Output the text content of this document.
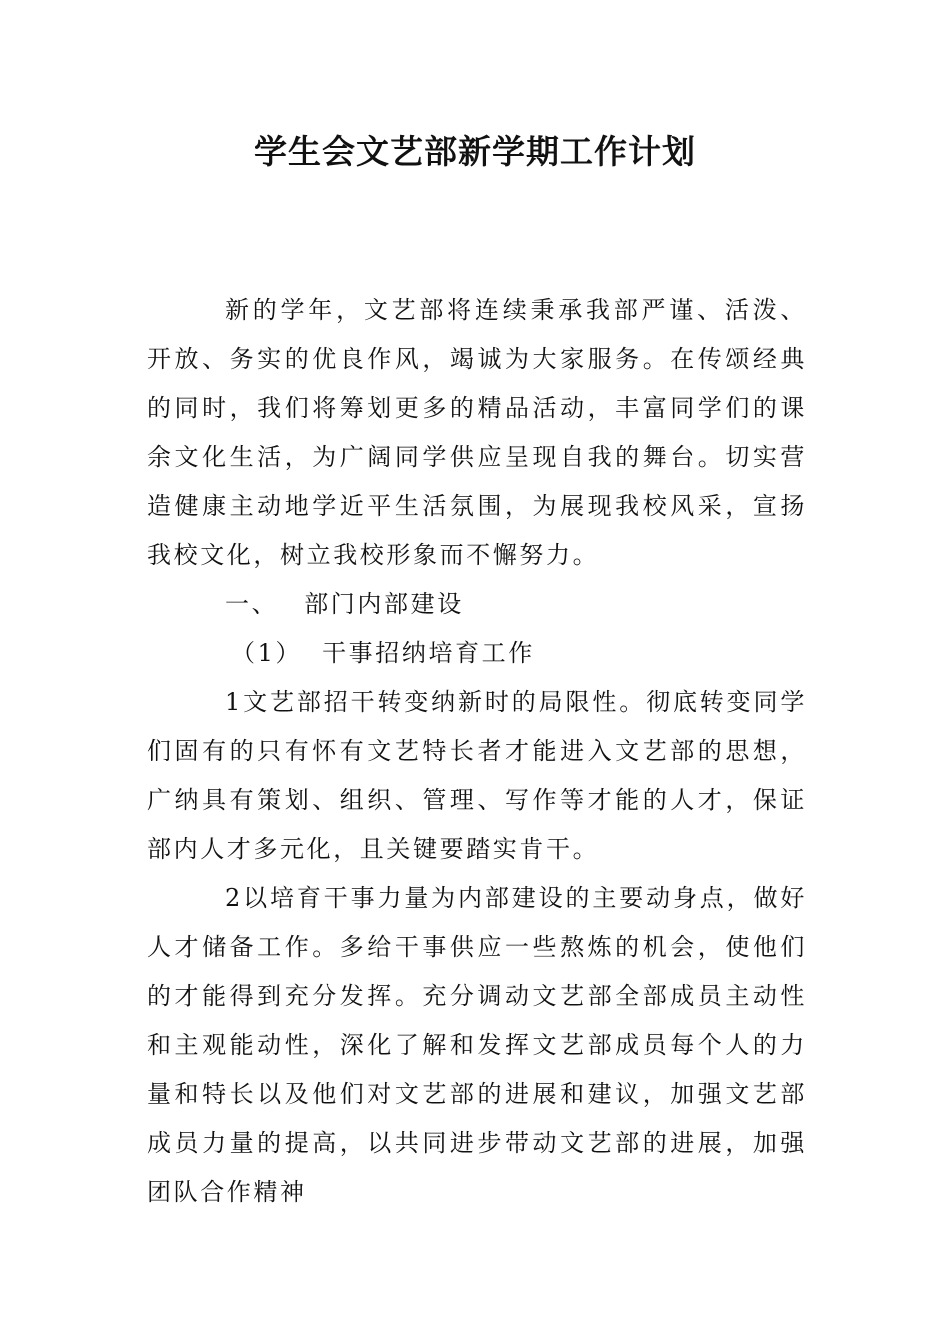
学生会文艺部新学期工作计划

新的学年，文艺部将连续秉承我部严谨、活泼、开放、务实的优良作风，竭诚为大家服务。在传颂经典的同时，我们将筹划更多的精品活动，丰富同学们的课余文化生活，为广阔同学供应呈现自我的舞台。切实营造健康主动地学近平生活氛围，为展现我校风采，宣扬我校文化，树立我校形象而不懈努力。

一、 部门内部建设

（1） 干事招纳培育工作

1文艺部招干转变纳新时的局限性。彻底转变同学们固有的只有怀有文艺特长者才能进入文艺部的思想，广纳具有策划、组织、管理、写作等才能的人才，保证部内人才多元化，且关键要踏实肯干。

2以培育干事力量为内部建设的主要动身点，做好人才储备工作。多给干事供应一些熬炼的机会，使他们的才能得到充分发挥。充分调动文艺部全部成员主动性和主观能动性，深化了解和发挥文艺部成员每个人的力量和特长以及他们对文艺部的进展和建议，加强文艺部成员力量的提高，以共同进步带动文艺部的进展，加强团队合作精神
